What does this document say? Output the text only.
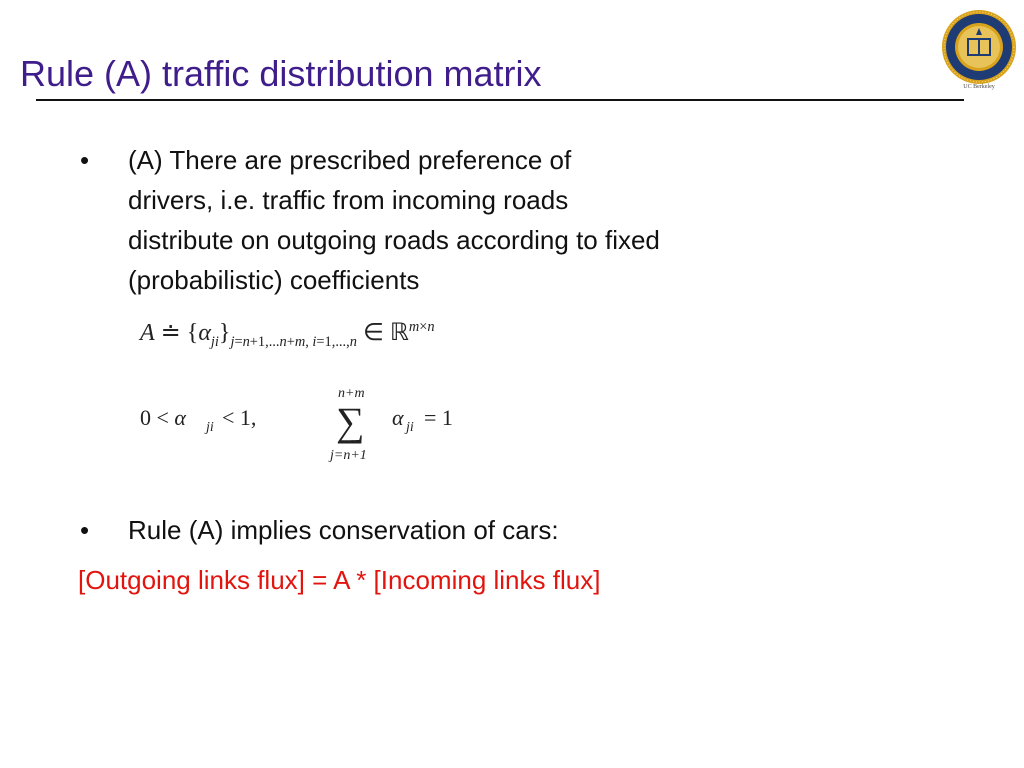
Rule (A) traffic distribution matrix	UC Berkeley
• (A) There are prescribed preference of
drivers, i.e. traffic from incoming roads
distribute on outgoing roads according to fixed
(probabilistic) coefficients
A ≐ $\{\alpha_{ji}\}_{j=n+1,...n+m, i=1,...,n}$ ∈ ℝ$^{m\times n}$
0 < α ji < 1,
n+m
∑
j=n+1
α ji = 1
• Rule (A) implies conservation of cars:
[Outgoing links flux] = A * [Incoming links flux]
